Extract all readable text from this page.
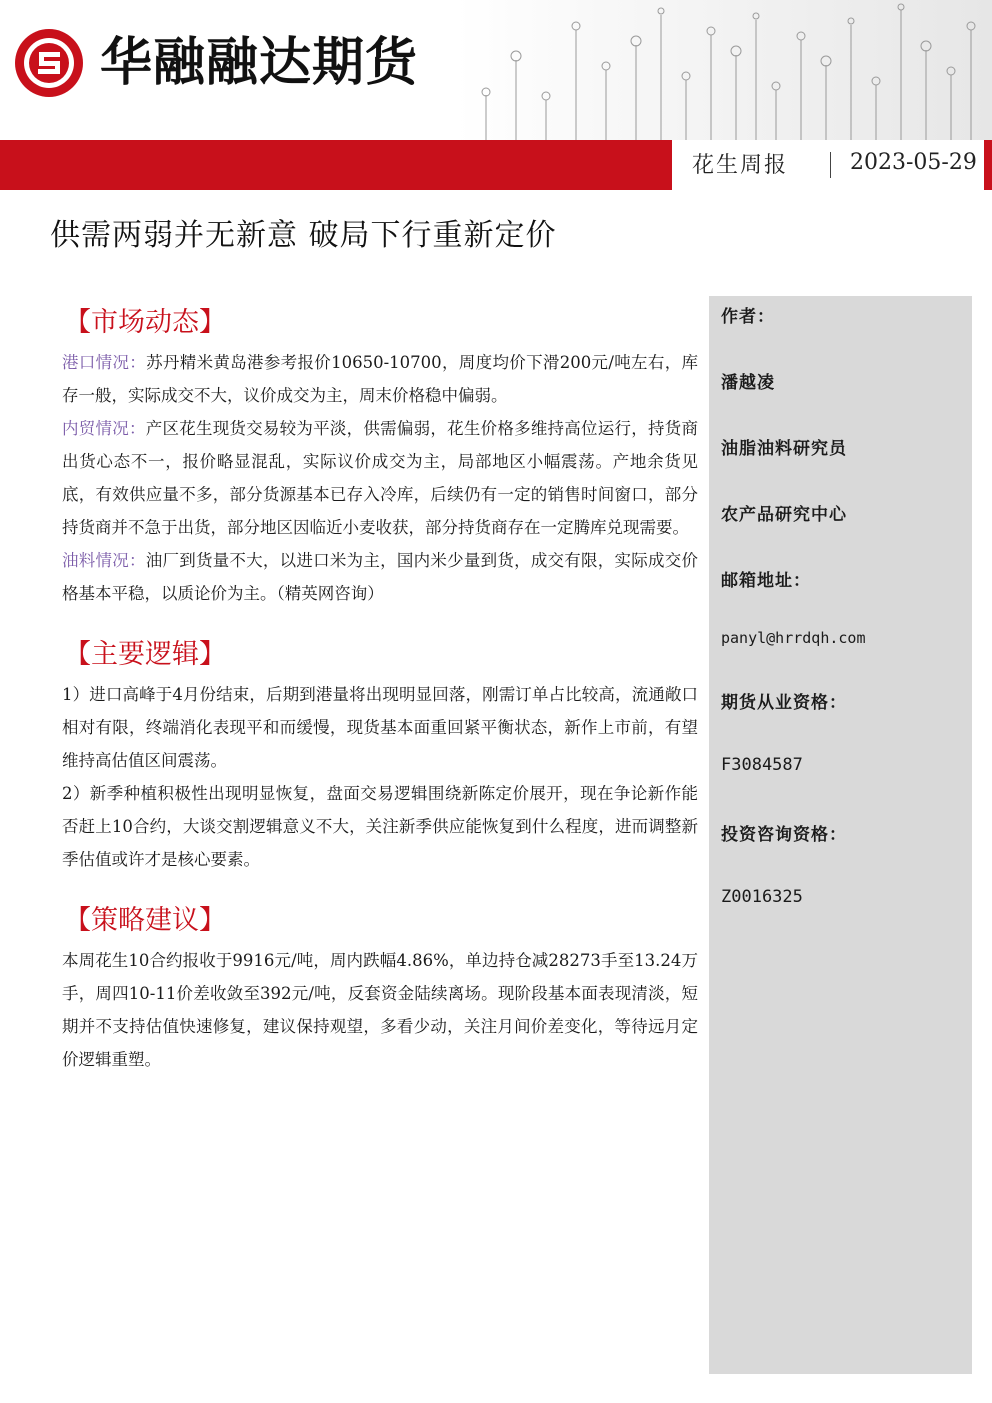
华融融达期货
花生周报	2023-05-29
供需两弱并无新意 破局下行重新定价
【市场动态】

港口情况：苏丹精米黄岛港参考报价10650-10700，周度均价下滑200元/吨左右，库存一般，实际成交不大，议价成交为主，周末价格稳中偏弱。

内贸情况：产区花生现货交易较为平淡，供需偏弱，花生价格多维持高位运行，持货商出货心态不一，报价略显混乱，实际议价成交为主，局部地区小幅震荡。产地余货见底，有效供应量不多，部分货源基本已存入冷库，后续仍有一定的销售时间窗口，部分持货商并不急于出货，部分地区因临近小麦收获，部分持货商存在一定腾库兑现需要。

油料情况：油厂到货量不大，以进口米为主，国内米少量到货，成交有限，实际成交价格基本平稳，以质论价为主。（精英网咨询）

【主要逻辑】

1）进口高峰于4月份结束，后期到港量将出现明显回落，刚需订单占比较高，流通敞口相对有限，终端消化表现平和而缓慢，现货基本面重回紧平衡状态，新作上市前，有望维持高估值区间震荡。

2）新季种植积极性出现明显恢复，盘面交易逻辑围绕新陈定价展开，现在争论新作能否赶上10合约，大谈交割逻辑意义不大，关注新季供应能恢复到什么程度，进而调整新季估值或许才是核心要素。

【策略建议】

本周花生10合约报收于9916元/吨，周内跌幅4.86%，单边持仓减28273手至13.24万手，周四10-11价差收敛至392元/吨，反套资金陆续离场。现阶段基本面表现清淡，短期并不支持估值快速修复，建议保持观望，多看少动，关注月间价差变化，等待远月定价逻辑重塑。

作者：
潘越凌
油脂油料研究员
农产品研究中心
邮箱地址：
panyl@hrrdqh.com
期货从业资格：
F3084587
投资咨询资格：
Z0016325
